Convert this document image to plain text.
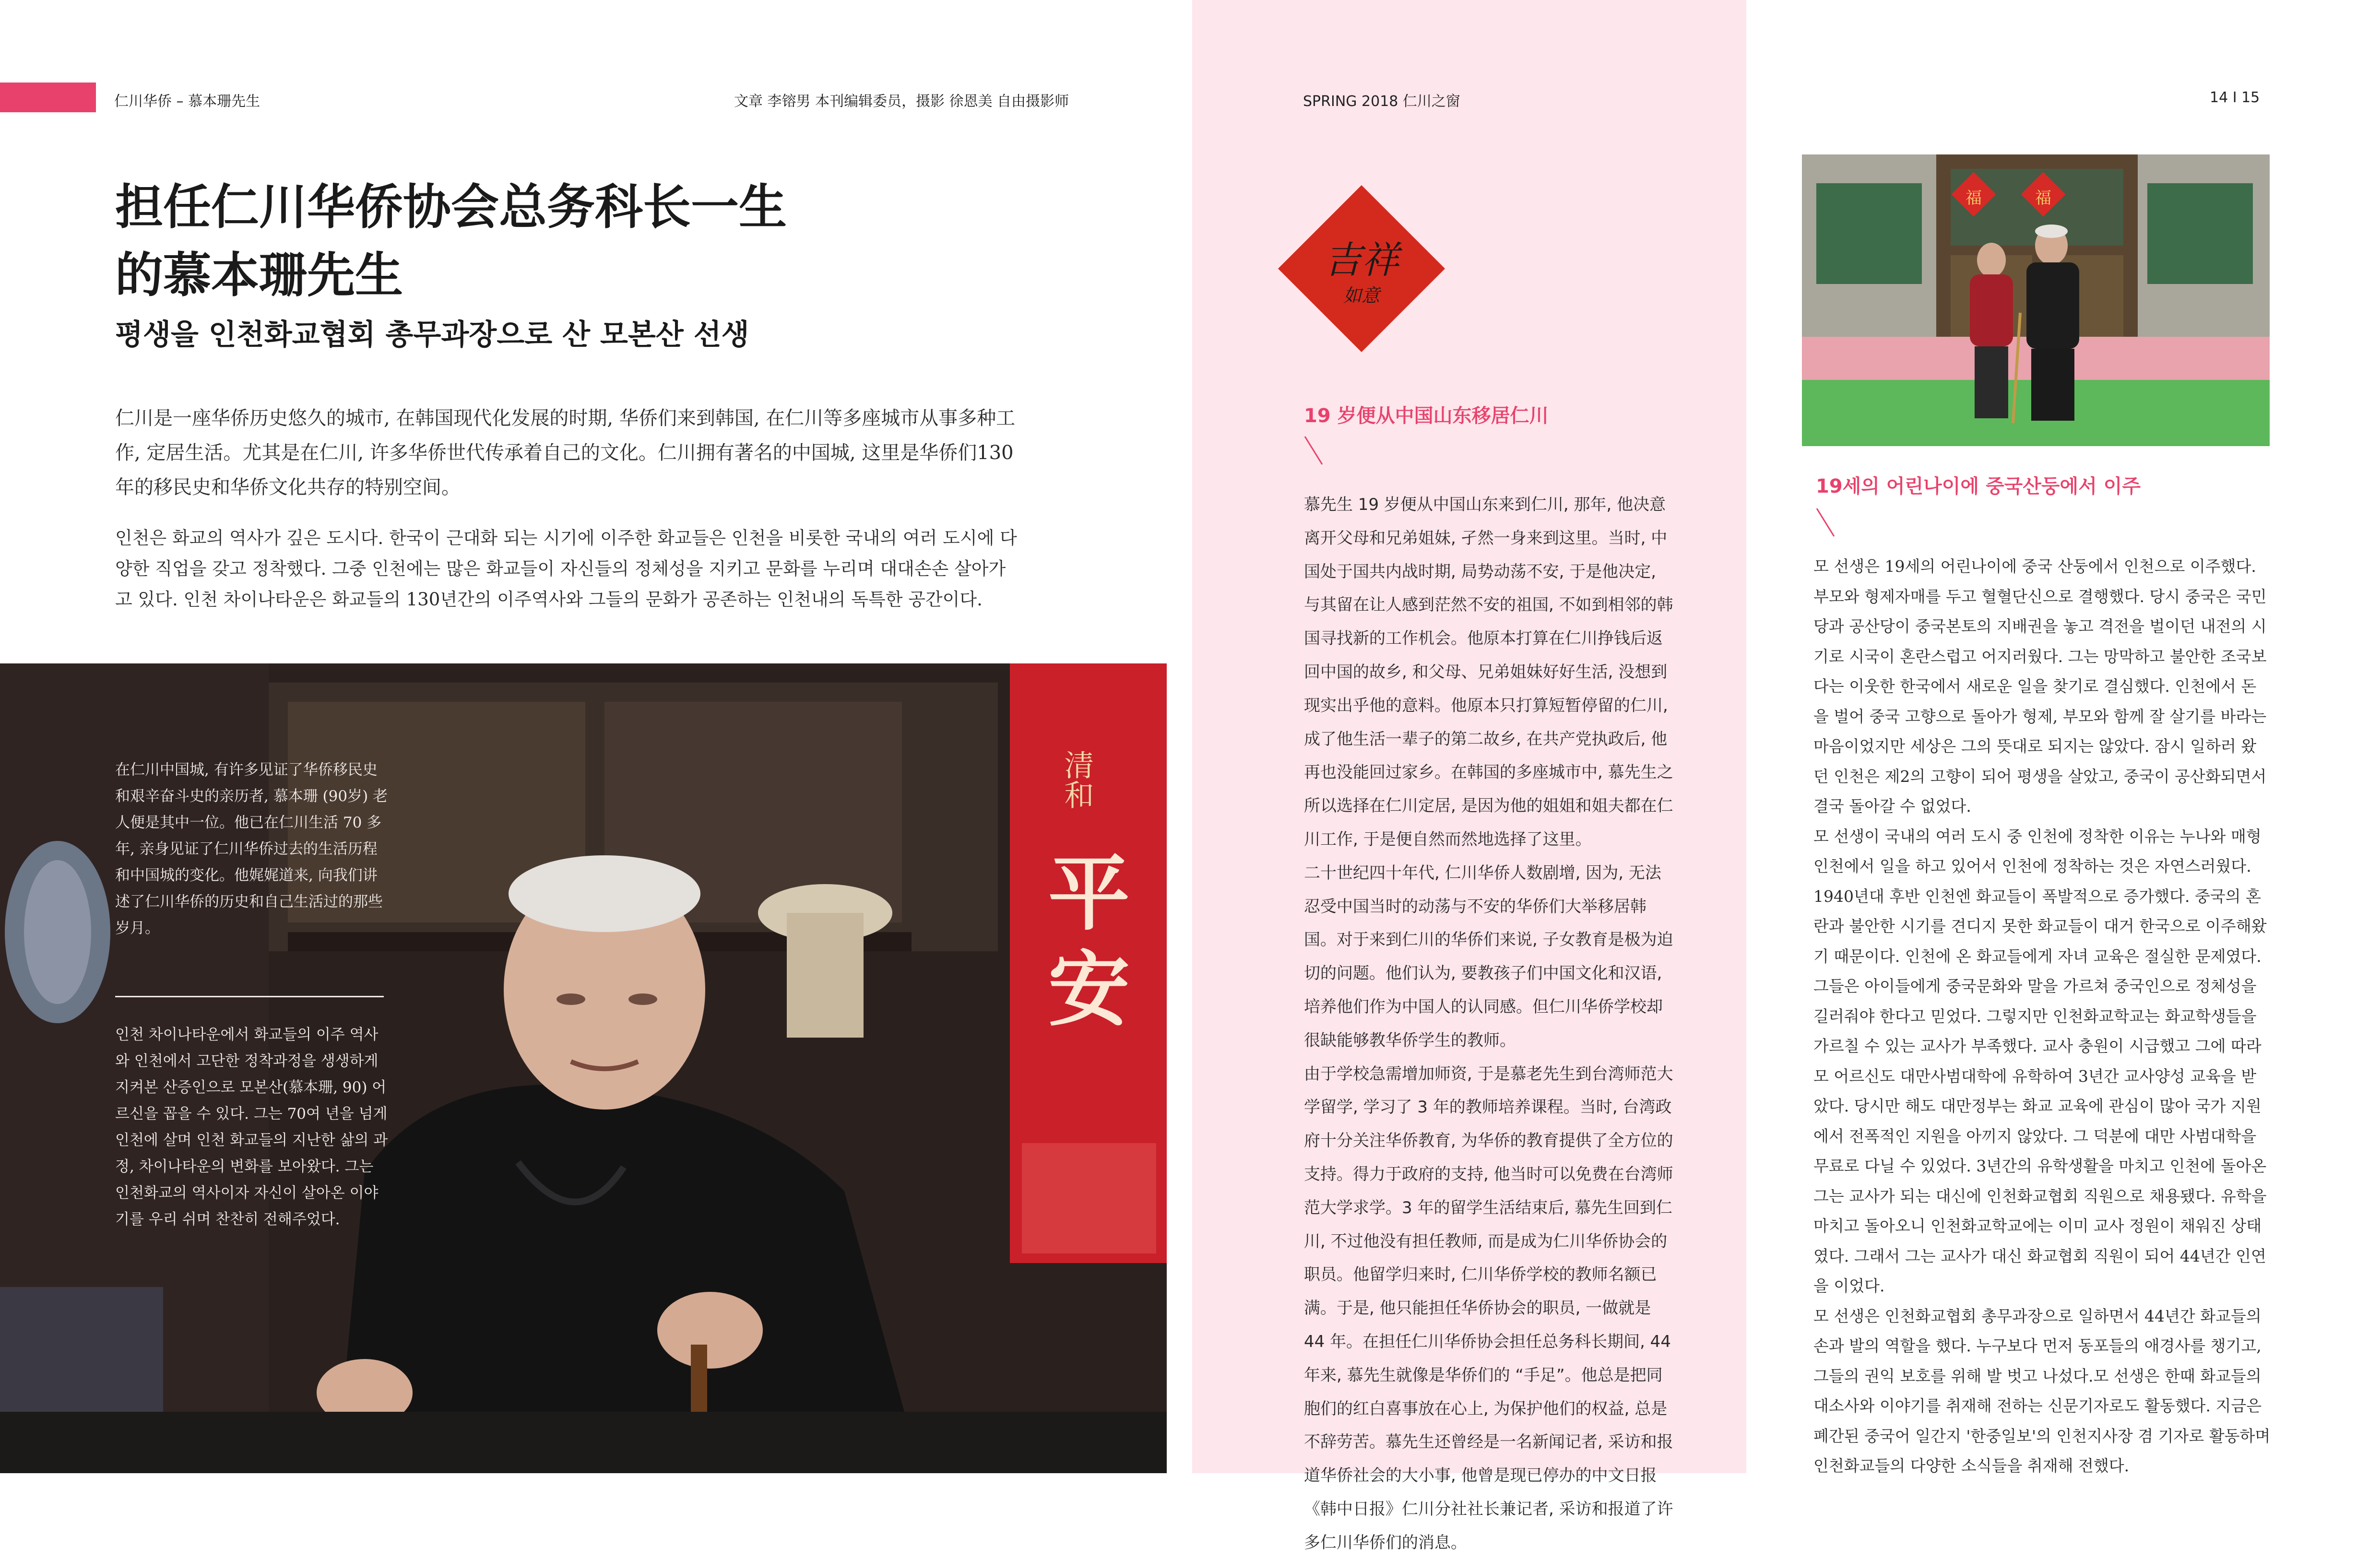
仁川华侨 – 慕本珊先生	文章 李镕男 本刊编辑委员，摄影 徐恩美 自由摄影师	SPRING 2018 仁川之窗	14 I 15
担任仁川华侨协会总务科长一生
的慕本珊先生
평생을 인천화교협회 총무과장으로 산 모본산 선생
仁川是一座华侨历史悠久的城市, 在韩国现代化发展的时期, 华侨们来到韩国, 在仁川等多座城市从事多种工作, 定居生活。尤其是在仁川, 许多华侨世代传承着自己的文化。仁川拥有著名的中国城, 这里是华侨们130年的移民史和华侨文化共存的特别空间。
인천은 화교의 역사가 깊은 도시다. 한국이 근대화 되는 시기에 이주한 화교들은 인천을 비롯한 국내의 여러 도시에 다양한 직업을 갖고 정착했다. 그중 인천에는 많은 화교들이 자신들의 정체성을 지키고 문화를 누리며 대대손손 살아가고 있다. 인천 차이나타운은 화교들의 130년간의 이주역사와 그들의 문화가 공존하는 인천내의 독특한 공간이다.
清和
平安
在仁川中国城, 有许多见证了华侨移民史和艰辛奋斗史的亲历者, 慕本珊 (90岁) 老人便是其中一位。他已在仁川生活 70 多年, 亲身见证了仁川华侨过去的生活历程和中国城的变化。他娓娓道来, 向我们讲述了仁川华侨的历史和自己生活过的那些岁月。
인천 차이나타운에서 화교들의 이주 역사와 인천에서 고단한 정착과정을 생생하게 지켜본 산증인으로 모본산(慕本珊, 90) 어르신을 꼽을 수 있다. 그는 70여 년을 넘게 인천에 살며 인천 화교들의 지난한 삶의 과정, 차이나타운의 변화를 보아왔다. 그는 인천화교의 역사이자 자신이 살아온 이야기를 우리 쉬며 찬찬히 전해주었다.
吉祥
如意
19 岁便从中国山东移居仁川

慕先生 19 岁便从中国山东来到仁川, 那年, 他决意离开父母和兄弟姐妹, 孑然一身来到这里。当时, 中国处于国共内战时期, 局势动荡不安, 于是他决定, 与其留在让人感到茫然不安的祖国, 不如到相邻的韩国寻找新的工作机会。他原本打算在仁川挣钱后返回中国的故乡, 和父母、兄弟姐妹好好生活, 没想到现实出乎他的意料。他原本只打算短暂停留的仁川, 成了他生活一辈子的第二故乡, 在共产党执政后, 他再也没能回过家乡。在韩国的多座城市中, 慕先生之所以选择在仁川定居, 是因为他的姐姐和姐夫都在仁川工作, 于是便自然而然地选择了这里。

二十世纪四十年代, 仁川华侨人数剧增, 因为, 无法忍受中国当时的动荡与不安的华侨们大举移居韩国。对于来到仁川的华侨们来说, 子女教育是极为迫切的问题。他们认为, 要教孩子们中国文化和汉语, 培养他们作为中国人的认同感。但仁川华侨学校却很缺能够教华侨学生的教师。

由于学校急需增加师资, 于是慕老先生到台湾师范大学留学, 学习了 3 年的教师培养课程。当时, 台湾政府十分关注华侨教育, 为华侨的教育提供了全方位的支持。得力于政府的支持, 他当时可以免费在台湾师范大学求学。3 年的留学生活结束后, 慕先生回到仁川, 不过他没有担任教师, 而是成为仁川华侨协会的职员。他留学归来时, 仁川华侨学校的教师名额已满。于是, 他只能担任华侨协会的职员, 一做就是 44 年。在担任仁川华侨协会担任总务科长期间, 44 年来, 慕先生就像是华侨们的 “手足”。他总是把同胞们的红白喜事放在心上, 为保护他们的权益, 总是不辞劳苦。慕先生还曾经是一名新闻记者, 采访和报道华侨社会的大小事, 他曾是现已停办的中文日报《韩中日报》仁川分社社长兼记者, 采访和报道了许多仁川华侨们的消息。

福	福
19세의 어린나이에 중국산둥에서 이주

모 선생은 19세의 어린나이에 중국 산둥에서 인천으로 이주했다. 부모와 형제자매를 두고 혈혈단신으로 결행했다. 당시 중국은 국민당과 공산당이 중국본토의 지배권을 놓고 격전을 벌이던 내전의 시기로 시국이 혼란스럽고 어지러웠다. 그는 망막하고 불안한 조국보다는 이웃한 한국에서 새로운 일을 찾기로 결심했다. 인천에서 돈을 벌어 중국 고향으로 돌아가 형제, 부모와 함께 잘 살기를 바라는 마음이었지만 세상은 그의 뜻대로 되지는 않았다. 잠시 일하러 왔던 인천은 제2의 고향이 되어 평생을 살았고, 중국이 공산화되면서 결국 돌아갈 수 없었다.

모 선생이 국내의 여러 도시 중 인천에 정착한 이유는 누나와 매형 인천에서 일을 하고 있어서 인천에 정착하는 것은 자연스러웠다. 1940년대 후반 인천엔 화교들이 폭발적으로 증가했다. 중국의 혼란과 불안한 시기를 견디지 못한 화교들이 대거 한국으로 이주해왔기 때문이다. 인천에 온 화교들에게 자녀 교육은 절실한 문제였다. 그들은 아이들에게 중국문화와 말을 가르쳐 중국인으로 정체성을 길러줘야 한다고 믿었다. 그렇지만 인천화교학교는 화교학생들을 가르칠 수 있는 교사가 부족했다. 교사 충원이 시급했고 그에 따라 모 어르신도 대만사범대학에 유학하여 3년간 교사양성 교육을 받았다. 당시만 해도 대만정부는 화교 교육에 관심이 많아 국가 지원에서 전폭적인 지원을 아끼지 않았다. 그 덕분에 대만 사범대학을 무료로 다닐 수 있었다. 3년간의 유학생활을 마치고 인천에 돌아온 그는 교사가 되는 대신에 인천화교협회 직원으로 채용됐다. 유학을 마치고 돌아오니 인천화교학교에는 이미 교사 정원이 채워진 상태였다. 그래서 그는 교사가 대신 화교협회 직원이 되어 44년간 인연을 이었다.

모 선생은 인천화교협회 총무과장으로 일하면서 44년간 화교들의 손과 발의 역할을 했다. 누구보다 먼저 동포들의 애경사를 챙기고, 그들의 권익 보호를 위해 발 벗고 나섰다.모 선생은 한때 화교들의 대소사와 이야기를 취재해 전하는 신문기자로도 활동했다. 지금은 폐간된 중국어 일간지 '한중일보'의 인천지사장 겸 기자로 활동하며 인천화교들의 다양한 소식들을 취재해 전했다.
